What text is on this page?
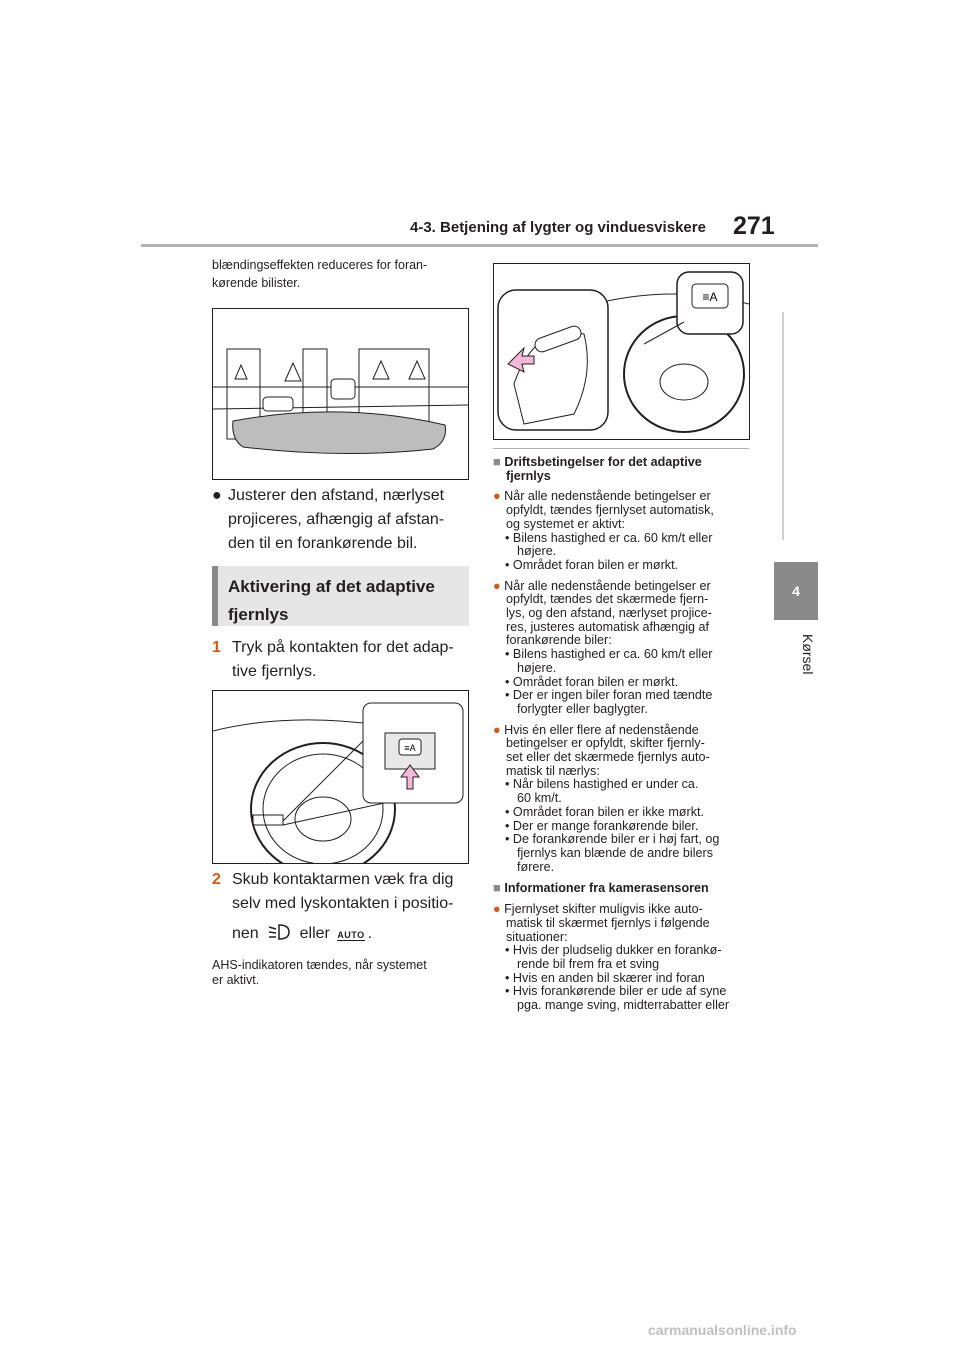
4-3. Betjening af lygter og vinduesviskere 271
4
Kørsel
blændingseffekten reduceres for foran-
kørende bilister.
● Justerer den afstand, nærlyset
projiceres, afhængig af afstan-
den til en forankørende bil.
Aktivering af det adaptive
fjernlys
1 Tryk på kontakten for det adap-
tive fjernlys.
≡A
2 Skub kontaktarmen væk fra dig
selv med lyskontakten i positio-
nen	eller AUTO .
AHS-indikatoren tændes, når systemet
er aktivt.
≡A
■ Driftsbetingelser for det adaptive
fjernlys
● Når alle nedenstående betingelser er
opfyldt, tændes fjernlyset automatisk,
og systemet er aktivt:
• Bilens hastighed er ca. 60 km/t eller
højere.
• Området foran bilen er mørkt.
● Når alle nedenstående betingelser er
opfyldt, tændes det skærmede fjern-
lys, og den afstand, nærlyset projice-
res, justeres automatisk afhængig af
forankørende biler:
• Bilens hastighed er ca. 60 km/t eller
højere.
• Området foran bilen er mørkt.
• Der er ingen biler foran med tændte
forlygter eller baglygter.
● Hvis én eller flere af nedenstående
betingelser er opfyldt, skifter fjernly-
set eller det skærmede fjernlys auto-
matisk til nærlys:
• Når bilens hastighed er under ca.
60 km/t.
• Området foran bilen er ikke mørkt.
• Der er mange forankørende biler.
• De forankørende biler er i høj fart, og
fjernlys kan blænde de andre bilers
førere.
■ Informationer fra kamerasensoren
● Fjernlyset skifter muligvis ikke auto-
matisk til skærmet fjernlys i følgende
situationer:
• Hvis der pludselig dukker en forankø-
rende bil frem fra et sving
• Hvis en anden bil skærer ind foran
• Hvis forankørende biler er ude af syne
pga. mange sving, midterrabatter eller
carmanualsonline.info
